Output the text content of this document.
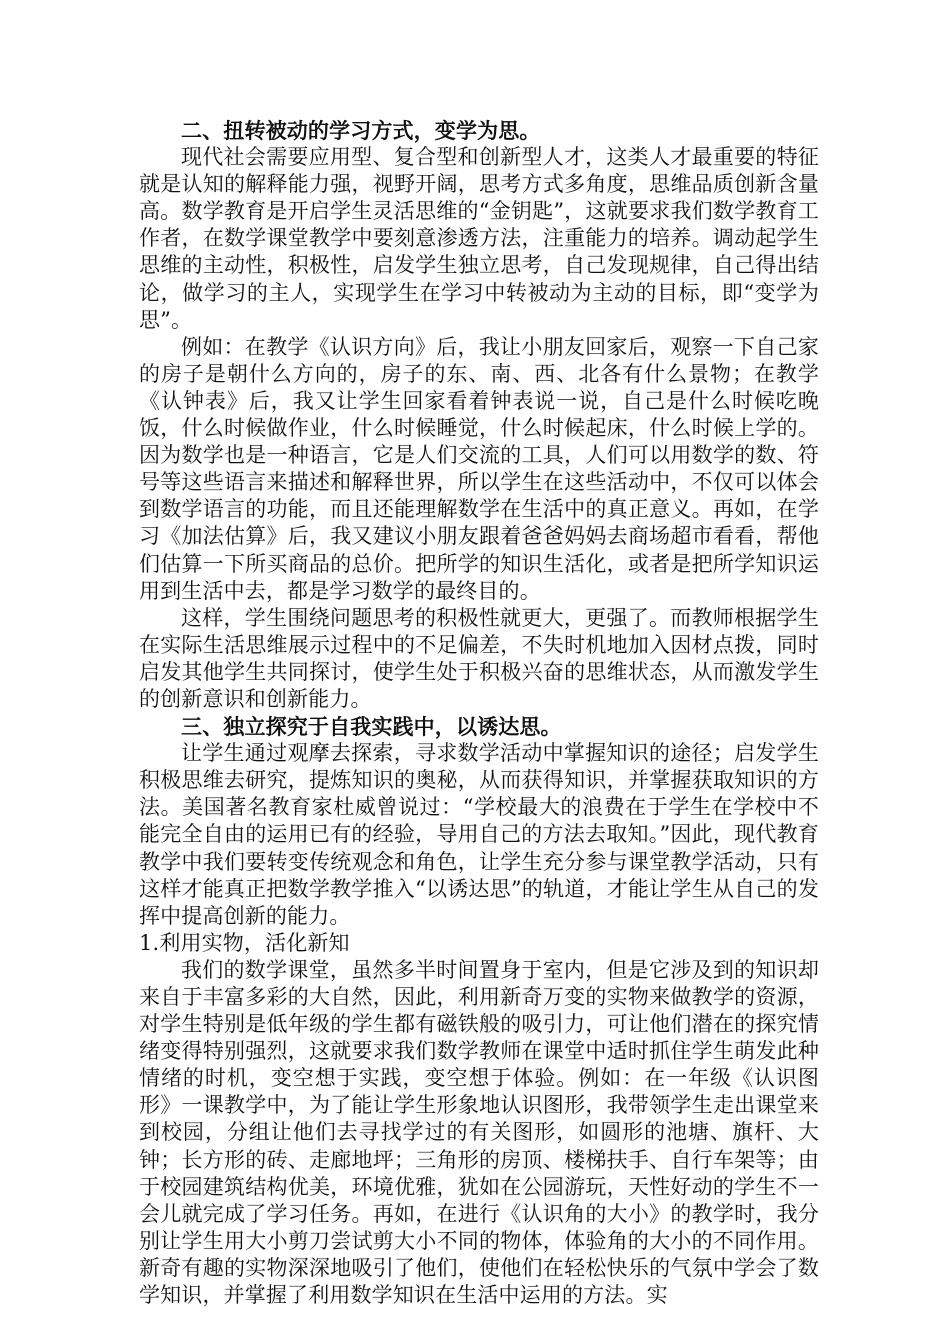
二、扭转被动的学习方式，变学为思。

现代社会需要应用型、复合型和创新型人才，这类人才最重要的特征就是认知的解释能力强，视野开阔，思考方式多角度，思维品质创新含量高。数学教育是开启学生灵活思维的“金钥匙”，这就要求我们数学教育工作者，在数学课堂教学中要刻意渗透方法，注重能力的培养。调动起学生思维的主动性，积极性，启发学生独立思考，自己发现规律，自己得出结论，做学习的主人，实现学生在学习中转被动为主动的目标，即“变学为思”。

例如：在教学《认识方向》后，我让小朋友回家后，观察一下自己家的房子是朝什么方向的，房子的东、南、西、北各有什么景物；在教学《认钟表》后，我又让学生回家看着钟表说一说，自己是什么时候吃晚饭，什么时候做作业，什么时候睡觉，什么时候起床，什么时候上学的。因为数学也是一种语言，它是人们交流的工具，人们可以用数学的数、符号等这些语言来描述和解释世界，所以学生在这些活动中，不仅可以体会到数学语言的功能，而且还能理解数学在生活中的真正意义。再如，在学习《加法估算》后，我又建议小朋友跟着爸爸妈妈去商场超市看看，帮他们估算一下所买商品的总价。把所学的知识生活化，或者是把所学知识运用到生活中去，都是学习数学的最终目的。

这样，学生围绕问题思考的积极性就更大，更强了。而教师根据学生在实际生活思维展示过程中的不足偏差，不失时机地加入因材点拨，同时启发其他学生共同探讨，使学生处于积极兴奋的思维状态，从而激发学生的创新意识和创新能力。

三、独立探究于自我实践中，以诱达思。

让学生通过观摩去探索，寻求数学活动中掌握知识的途径；启发学生积极思维去研究，提炼知识的奥秘，从而获得知识，并掌握获取知识的方法。美国著名教育家杜威曾说过：“学校最大的浪费在于学生在学校中不能完全自由的运用已有的经验，导用自己的方法去取知。”因此，现代教育教学中我们要转变传统观念和角色，让学生充分参与课堂教学活动，只有这样才能真正把数学教学推入“以诱达思”的轨道，才能让学生从自己的发挥中提高创新的能力。

1.利用实物，活化新知

我们的数学课堂，虽然多半时间置身于室内，但是它涉及到的知识却来自于丰富多彩的大自然，因此，利用新奇万变的实物来做教学的资源，对学生特别是低年级的学生都有磁铁般的吸引力，可让他们潜在的探究情绪变得特别强烈，这就要求我们数学教师在课堂中适时抓住学生萌发此种情绪的时机，变空想于实践，变空想于体验。例如：在一年级《认识图形》一课教学中，为了能让学生形象地认识图形，我带领学生走出课堂来到校园，分组让他们去寻找学过的有关图形，如圆形的池塘、旗杆、大钟；长方形的砖、走廊地坪；三角形的房顶、楼梯扶手、自行车架等；由于校园建筑结构优美，环境优雅，犹如在公园游玩，天性好动的学生不一会儿就完成了学习任务。再如，在进行《认识角的大小》的教学时，我分别让学生用大小剪刀尝试剪大小不同的物体，体验角的大小的不同作用。新奇有趣的实物深深地吸引了他们，使他们在轻松快乐的气氛中学会了数学知识，并掌握了利用数学知识在生活中运用的方法。实
